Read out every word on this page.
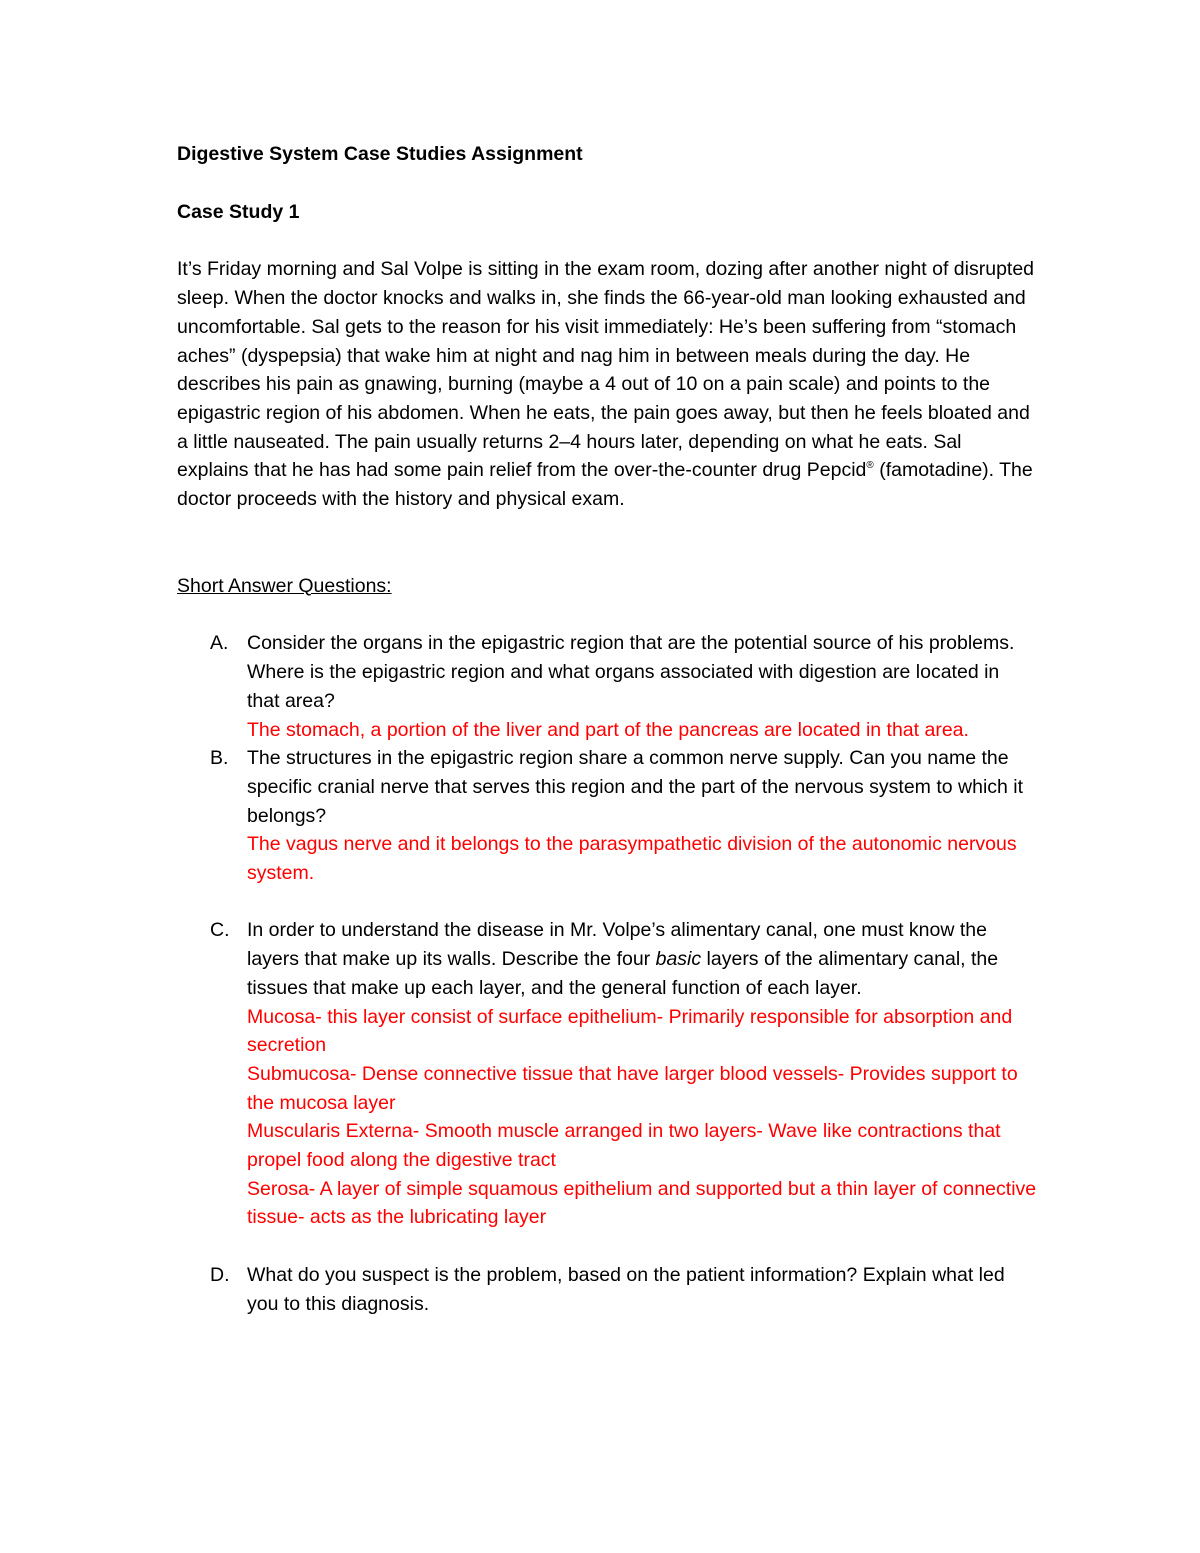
Digestive System Case Studies Assignment

Case Study 1

It’s Friday morning and Sal Volpe is sitting in the exam room, dozing after another night of disrupted sleep. When the doctor knocks and walks in, she finds the 66-year-old man looking exhausted and uncomfortable. Sal gets to the reason for his visit immediately: He’s been suffering from “stomach aches” (dyspepsia) that wake him at night and nag him in between meals during the day. He describes his pain as gnawing, burning (maybe a 4 out of 10 on a pain scale) and points to the epigastric region of his abdomen. When he eats, the pain goes away, but then he feels bloated and a little nauseated. The pain usually returns 2–4 hours later, depending on what he eats. Sal explains that he has had some pain relief from the over-the-counter drug Pepcid® (famotadine). The doctor proceeds with the history and physical exam.

Short Answer Questions:

A. Consider the organs in the epigastric region that are the potential source of his problems. Where is the epigastric region and what organs associated with digestion are located in that area?
The stomach, a portion of the liver and part of the pancreas are located in that area.
B. The structures in the epigastric region share a common nerve supply. Can you name the specific cranial nerve that serves this region and the part of the nervous system to which it belongs?
The vagus nerve and it belongs to the parasympathetic division of the autonomic nervous system.
C. In order to understand the disease in Mr. Volpe’s alimentary canal, one must know the layers that make up its walls. Describe the four basic layers of the alimentary canal, the tissues that make up each layer, and the general function of each layer.
Mucosa- this layer consist of surface epithelium- Primarily responsible for absorption and secretion
Submucosa- Dense connective tissue that have larger blood vessels- Provides support to the mucosa layer
Muscularis Externa- Smooth muscle arranged in two layers- Wave like contractions that propel food along the digestive tract
Serosa- A layer of simple squamous epithelium and supported but a thin layer of connective tissue- acts as the lubricating layer
D. What do you suspect is the problem, based on the patient information? Explain what led you to this diagnosis.
